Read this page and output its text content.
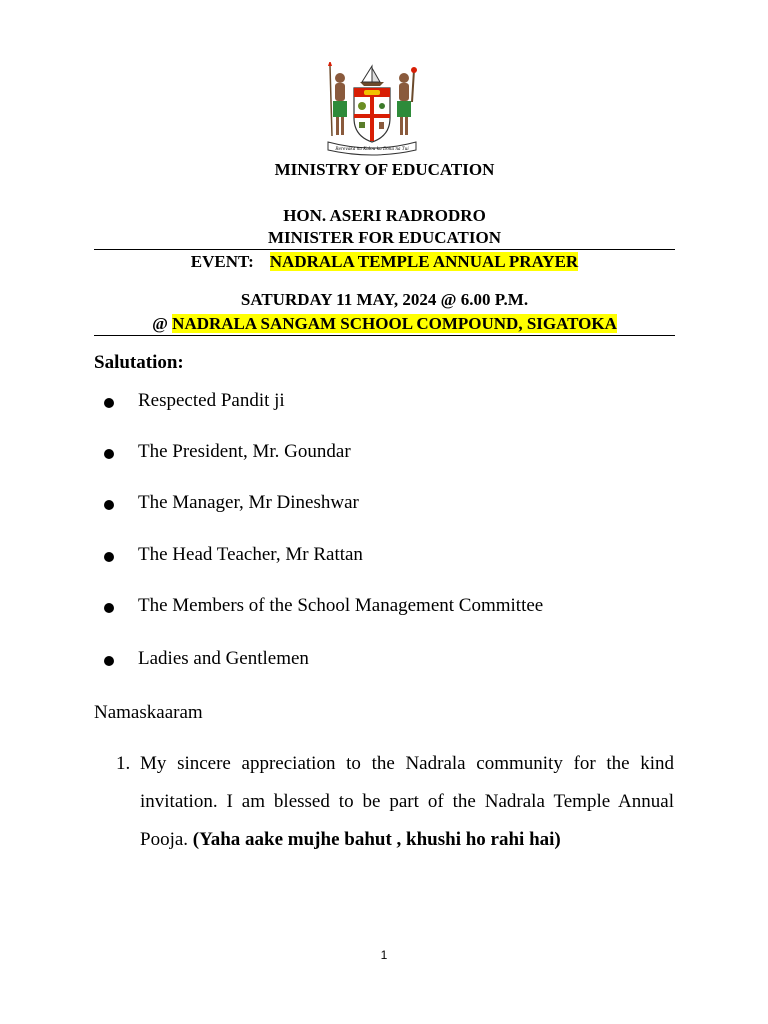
Rerevaka na Kalou ka Doka na Tui
MINISTRY OF EDUCATION
HON. ASERI RADRODRO
MINISTER FOR EDUCATION
EVENT: NADRALA TEMPLE ANNUAL PRAYER
SATURDAY 11 MAY, 2024 @ 6.00 P.M.
@ NADRALA SANGAM SCHOOL COMPOUND, SIGATOKA
Salutation:
Respected Pandit ji
The President, Mr. Goundar
The Manager, Mr Dineshwar
The Head Teacher, Mr Rattan
The Members of the School Management Committee
Ladies and Gentlemen
Namaskaaram
1. My sincere appreciation to the Nadrala community for the kind invitation. I am blessed to be part of the Nadrala Temple Annual Pooja. (Yaha aake mujhe bahut , khushi ho rahi hai)
1
